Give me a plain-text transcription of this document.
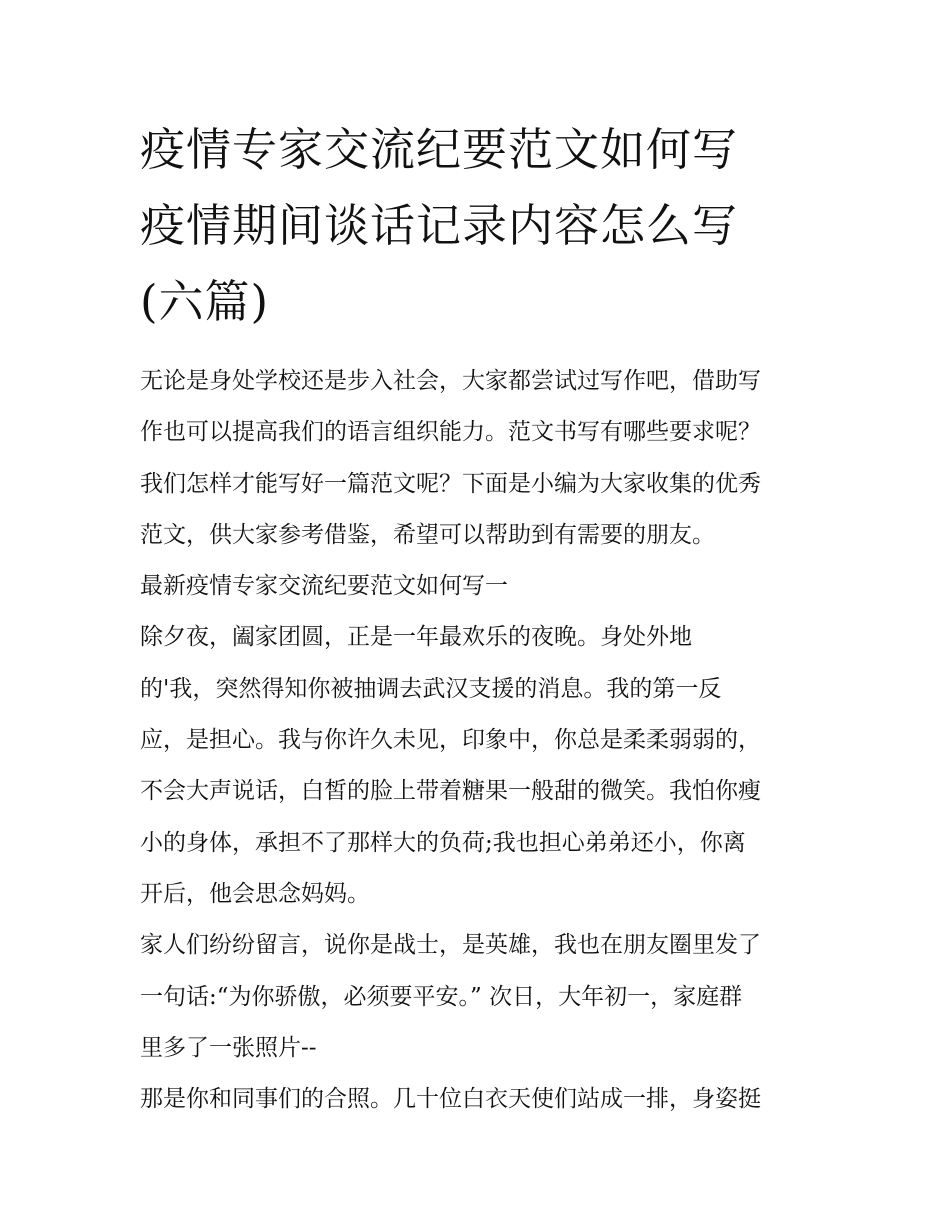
疫情专家交流纪要范文如何写
疫情期间谈话记录内容怎么写
(六篇)
无论是身处学校还是步入社会，大家都尝试过写作吧，借助写
作也可以提高我们的语言组织能力。范文书写有哪些要求呢？
我们怎样才能写好一篇范文呢？下面是小编为大家收集的优秀
范文，供大家参考借鉴，希望可以帮助到有需要的朋友。
最新疫情专家交流纪要范文如何写一
除夕夜，阖家团圆，正是一年最欢乐的夜晚。身处外地
的'我，突然得知你被抽调去武汉支援的消息。我的第一反
应，是担心。我与你许久未见，印象中，你总是柔柔弱弱的，
不会大声说话，白皙的脸上带着糖果一般甜的微笑。我怕你瘦
小的身体，承担不了那样大的负荷;我也担心弟弟还小，你离
开后，他会思念妈妈。
家人们纷纷留言，说你是战士，是英雄，我也在朋友圈里发了
一句话:“为你骄傲，必须要平安。” 次日，大年初一，家庭群
里多了一张照片--
那是你和同事们的合照。几十位白衣天使们站成一排，身姿挺
